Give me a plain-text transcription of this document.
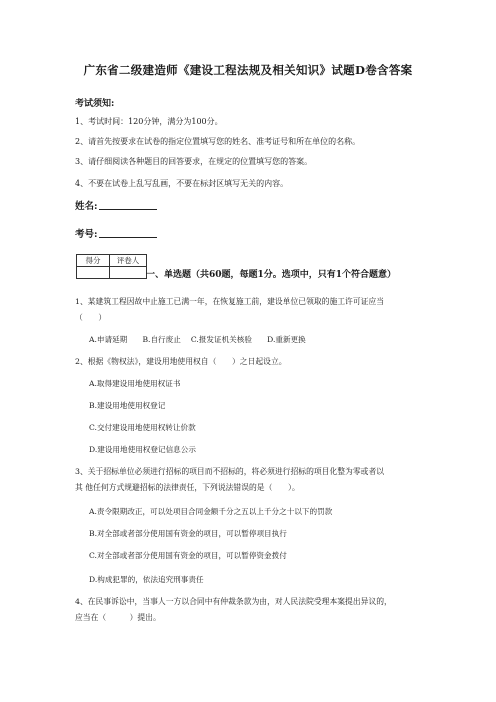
广东省二级建造师《建设工程法规及相关知识》试题D卷含答案
考试须知:
1、考试时间：120分钟，满分为100分。
2、请首先按要求在试卷的指定位置填写您的姓名、准考证号和所在单位的名称。
3、请仔细阅读各种题目的回答要求，在规定的位置填写您的答案。
4、不要在试卷上乱写乱画，不要在标封区填写无关的内容。
姓名:
考号:
得分	评卷人

一、单选题（共60题，每题1分。选项中，只有1个符合题意）
1、某建筑工程因故中止施工已满一年，在恢复施工前，建设单位已领取的施工许可证应当
（　　）
A.申请延期　　B.自行废止　 C.报发证机关核验　　D.重新更换
2、根据《物权法》，建设用地使用权自（　　）之日起设立。
A.取得建设用地使用权证书
B.建设用地使用权登记
C.交付建设用地使用权转让价款
D.建设用地使用权登记信息公示
3、关于招标单位必须进行招标的项目而不招标的，将必须进行招标的项目化整为零或者以
其 他任何方式规避招标的法律责任，下列说法错误的是（　　）。
A.责令限期改正，可以处项目合同金额千分之五以上千分之十以下的罚款
B.对全部或者部分使用国有资金的项目，可以暂停项目执行
C.对全部或者部分使用国有资金的项目，可以暂停资金拨付
D.构成犯罪的，依法追究刑事责任
4、在民事诉讼中，当事人一方以合同中有仲裁条款为由，对人民法院受理本案提出异议的，
应当在（　　　）提出。
